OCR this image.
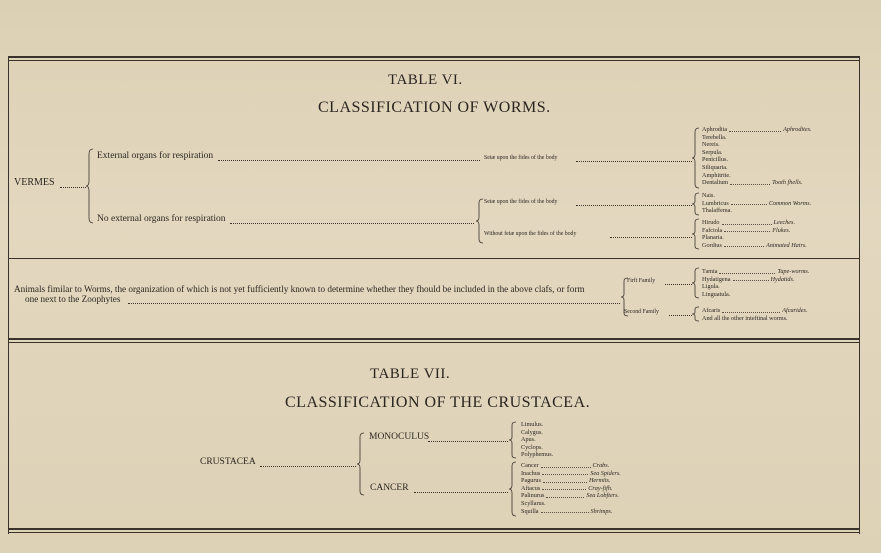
TABLE VI.
CLASSIFICATION OF WORMS.
VERMES
External organs for respiration	Setæ upon the fides of the body
No external organs for respiration
Setæ upon the fides of the body
Without fetæ upon the fides of the body
Aphrodita	Aphrodites.
Terebella.
Nereis.
Serpula.
Penicillus.
Siliquaria.
Amphitrite.
Dentalium	Tooth fhells.
Nais.
Lumbricus	Common Worms.
Thalaffema.
Hirudo	Leeches.
Fafciola	Flukes.
Planaria.
Gordius	Animated Hairs.
Animals fimilar to Worms, the organization of which is not yet fufficiently known to determine whether they fhould be included in the above clafs, or form
one next to the Zoophytes
Firft Family
Second Family
Tænia	Tape-worms.
Hydatigena	Hydatids.
Ligula.
Linguatula.
Afcaris	Afcarides.
And all the other inteftinal worms.
TABLE VII.
CLASSIFICATION OF THE CRUSTACEA.
CRUSTACEA
MONOCULUS
Limulus.
Calygus.
Apus.
Cyclops.
Polyphemus.
CANCER
Cancer	Crabs.
Inachus	Sea Spiders.
Pagurus	Hermits.
Aftacus	Cray-fifh.
Palinurus	Sea Lobfters.
Scyllarus.
Squilla	Shrimps.
